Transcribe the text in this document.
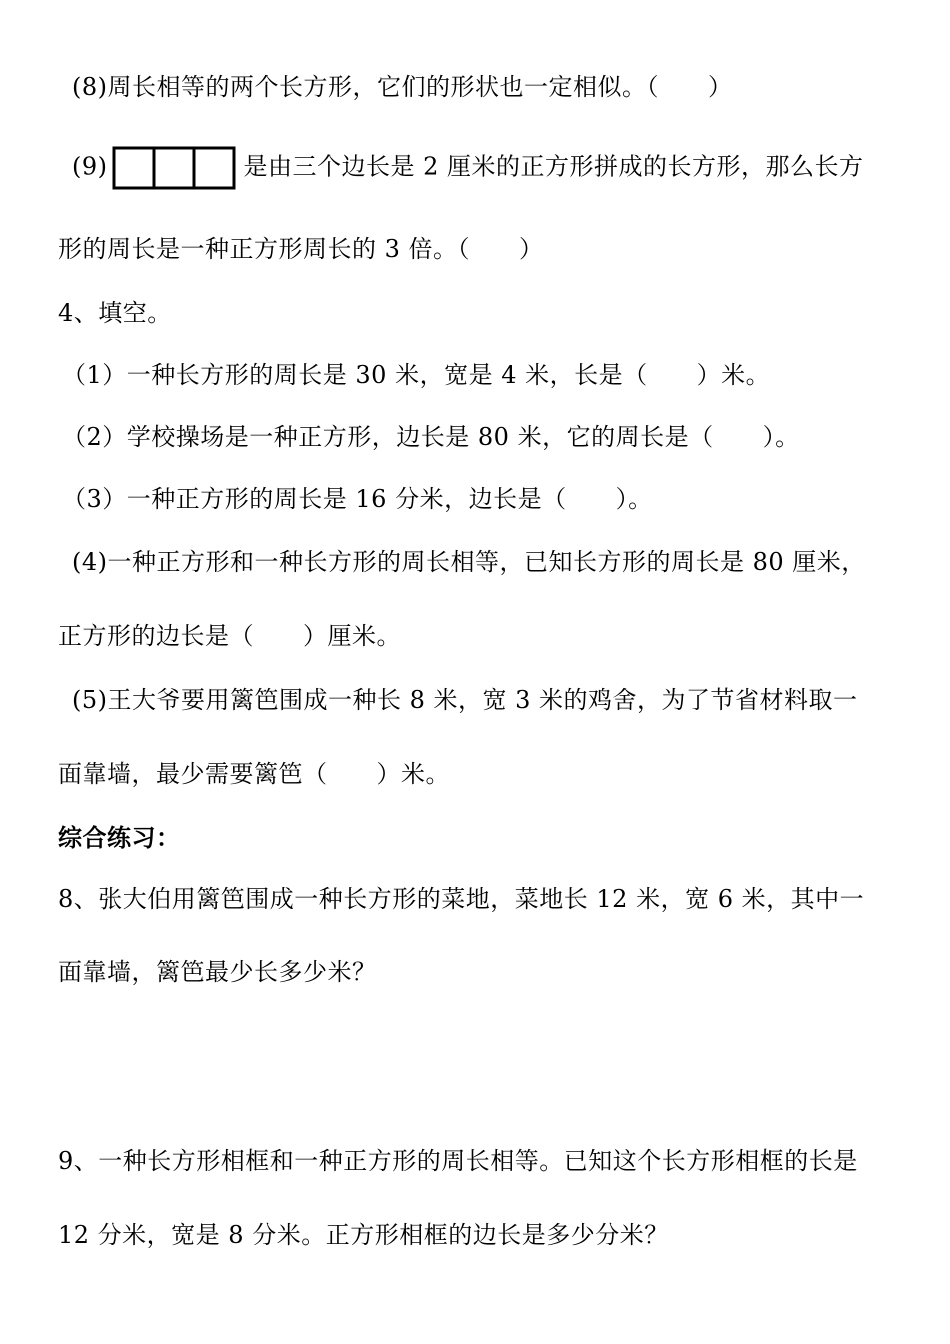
(8)周长相等的两个长方形，它们的形状也一定相似。（　　）
(9)	是由三个边长是 2 厘米的正方形拼成的长方形，那么长方
形的周长是一种正方形周长的 3 倍。（　　）
4、填空。
（1）一种长方形的周长是 30 米，宽是 4 米，长是（　　）米。
（2）学校操场是一种正方形，边长是 80 米，它的周长是（　　）。
（3）一种正方形的周长是 16 分米，边长是（　　）。
(4)一种正方形和一种长方形的周长相等，已知长方形的周长是 80 厘米，
正方形的边长是（　　）厘米。
(5)王大爷要用篱笆围成一种长 8 米，宽 3 米的鸡舍，为了节省材料取一
面靠墙，最少需要篱笆（　　）米。
综合练习：
8、张大伯用篱笆围成一种长方形的菜地，菜地长 12 米，宽 6 米，其中一
面靠墙，篱笆最少长多少米？
9、一种长方形相框和一种正方形的周长相等。已知这个长方形相框的长是
12 分米，宽是 8 分米。正方形相框的边长是多少分米？
